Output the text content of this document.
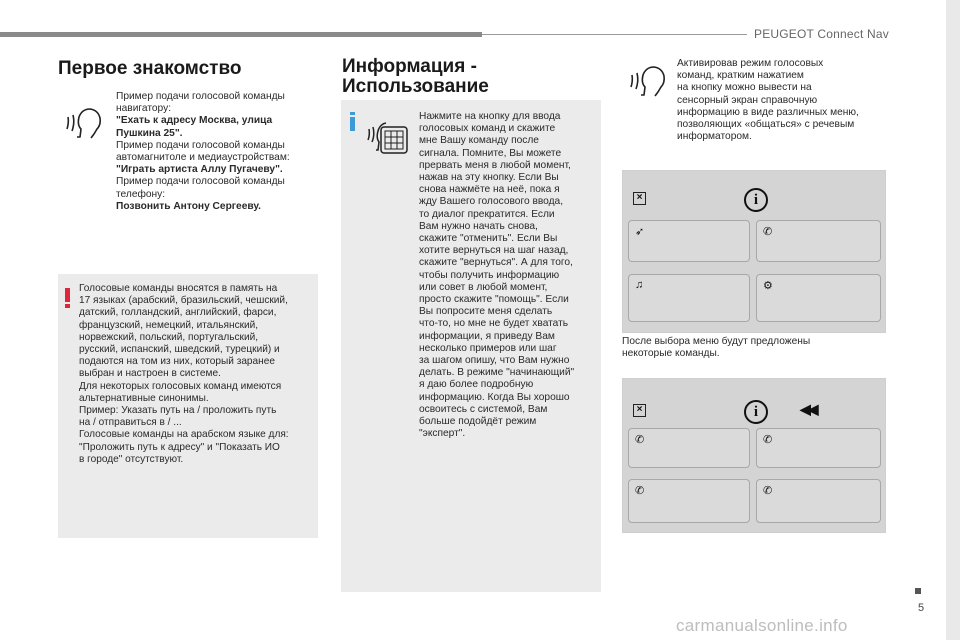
PEUGEOT Connect Nav
5
Первое знакомство
Пример подачи голосовой команды навигатору:
"Ехать к адресу Москва, улица Пушкина 25".
Пример подачи голосовой команды автомагнитоле и медиаустройствам:
"Играть артиста Аллу Пугачеву".
Пример подачи голосовой команды телефону:
Позвонить Антону Сергееву.
Голосовые команды вносятся в память на
17 языках (арабский, бразильский, чешский,
датский, голландский, английский, фарси,
французский, немецкий, итальянский,
норвежский, польский, португальский,
русский, испанский, шведский, турецкий) и
подаются на том из них, который заранее
выбран и настроен в системе.
Для некоторых голосовых команд имеются
альтернативные синонимы.
Пример: Указать путь на / проложить путь
на / отправиться в / ...
Голосовые команды на арабском языке для:
"Проложить путь к адресу" и "Показать ИО
в городе" отсутствуют.
Информация -
Использование
Нажмите на кнопку для ввода
голосовых команд и скажите
мне Вашу команду после
сигнала. Помните, Вы можете
прервать меня в любой момент,
нажав на эту кнопку. Если Вы
снова нажмёте на неё, пока я
жду Вашего голосового ввода,
то диалог прекратится. Если
Вам нужно начать снова,
скажите "отменить". Если Вы
хотите вернуться на шаг назад,
скажите "вернуться". А для того,
чтобы получить информацию
или совет в любой момент,
просто скажите "помощь". Если
Вы попросите меня сделать
что-то, но мне не будет хватать
информации, я приведу Вам
несколько примеров или шаг
за шагом опишу, что Вам нужно
делать. В режиме "начинающий"
я даю более подробную
информацию. Когда Вы хорошо
освоитесь с системой, Вам
больше подойдёт режим
"эксперт".
Активировав режим голосовых
команд, кратким нажатием
на кнопку можно вывести на
сенсорный экран справочную
информацию в виде различных меню,
позволяющих «общаться» с речевым
информатором.
×	i
➶	✆
♫	⚙
После выбора меню будут предложены
некоторые команды.
×	i	◀◀
✆	✆
✆	✆
carmanualsonline.info
